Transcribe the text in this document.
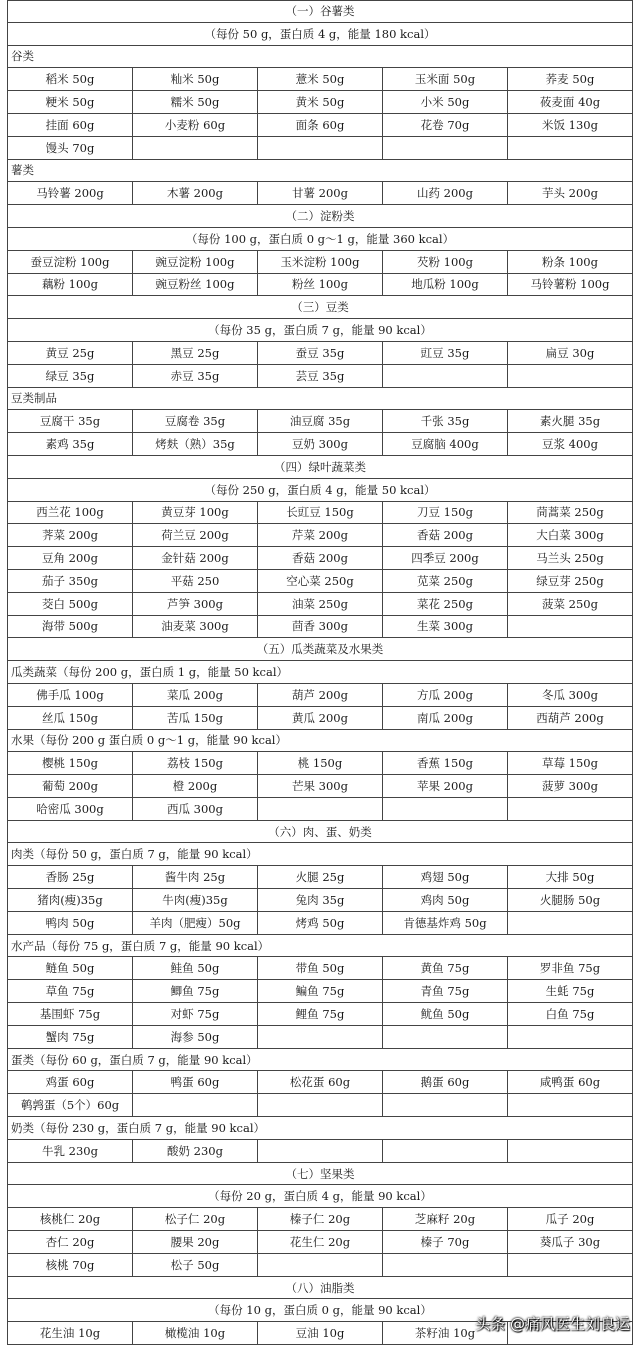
（一）谷薯类
（每份 50 g，蛋白质 4 g，能量 180 kcal）
谷类
稻米 50g	籼米 50g	薏米 50g	玉米面 50g	荞麦 50g
粳米 50g	糯米 50g	黄米 50g	小米 50g	莜麦面 40g
挂面 60g	小麦粉 60g	面条 60g	花卷 70g	米饭 130g
馒头 70g
薯类
马铃薯 200g	木薯 200g	甘薯 200g	山药 200g	芋头 200g
（二）淀粉类
（每份 100 g，蛋白质 0 g～1 g，能量 360 kcal）
蚕豆淀粉 100g	豌豆淀粉 100g	玉米淀粉 100g	芡粉 100g	粉条 100g
藕粉 100g	豌豆粉丝 100g	粉丝 100g	地瓜粉 100g	马铃薯粉 100g
（三）豆类
（每份 35 g，蛋白质 7 g，能量 90 kcal）
黄豆 25g	黑豆 25g	蚕豆 35g	豇豆 35g	扁豆 30g
绿豆 35g	赤豆 35g	芸豆 35g
豆类制品
豆腐干 35g	豆腐卷 35g	油豆腐 35g	千张 35g	素火腿 35g
素鸡 35g	烤麸（熟）35g	豆奶 300g	豆腐脑 400g	豆浆 400g
（四）绿叶蔬菜类
（每份 250 g，蛋白质 4 g，能量 50 kcal）
西兰花 100g	黄豆芽 100g	长豇豆 150g	刀豆 150g	茼蒿菜 250g
荠菜 200g	荷兰豆 200g	芹菜 200g	香菇 200g	大白菜 300g
豆角 200g	金针菇 200g	香菇 200g	四季豆 200g	马兰头 250g
茄子 350g	平菇 250	空心菜 250g	苋菜 250g	绿豆芽 250g
茭白 500g	芦笋 300g	油菜 250g	菜花 250g	菠菜 250g
海带 500g	油麦菜 300g	茴香 300g	生菜 300g
（五）瓜类蔬菜及水果类
瓜类蔬菜（每份 200 g，蛋白质 1 g，能量 50 kcal）
佛手瓜 100g	菜瓜 200g	葫芦 200g	方瓜 200g	冬瓜 300g
丝瓜 150g	苦瓜 150g	黄瓜 200g	南瓜 200g	西葫芦 200g
水果（每份 200 g 蛋白质 0 g～1 g，能量 90 kcal）
樱桃 150g	荔枝 150g	桃 150g	香蕉 150g	草莓 150g
葡萄 200g	橙 200g	芒果 300g	苹果 200g	菠萝 300g
哈密瓜 300g	西瓜 300g
（六）肉、蛋、奶类
肉类（每份 50 g，蛋白质 7 g，能量 90 kcal）
香肠 25g	酱牛肉 25g	火腿 25g	鸡翅 50g	大排 50g
猪肉(瘦)35g	牛肉(瘦)35g	兔肉 35g	鸡肉 50g	火腿肠 50g
鸭肉 50g	羊肉（肥瘦）50g	烤鸡 50g	肯德基炸鸡 50g
水产品（每份 75 g，蛋白质 7 g，能量 90 kcal）
鲢鱼 50g	鲑鱼 50g	带鱼 50g	黄鱼 75g	罗非鱼 75g
草鱼 75g	鲫鱼 75g	鳊鱼 75g	青鱼 75g	生蚝 75g
基围虾 75g	对虾 75g	鲤鱼 75g	鱿鱼 50g	白鱼 75g
蟹肉 75g	海参 50g
蛋类（每份 60 g，蛋白质 7 g，能量 90 kcal）
鸡蛋 60g	鸭蛋 60g	松花蛋 60g	鹅蛋 60g	咸鸭蛋 60g
鹌鹑蛋（5个）60g
奶类（每份 230 g，蛋白质 7 g，能量 90 kcal）
牛乳 230g	酸奶 230g
（七）坚果类
（每份 20 g，蛋白质 4 g，能量 90 kcal）
核桃仁 20g	松子仁 20g	榛子仁 20g	芝麻籽 20g	瓜子 20g
杏仁 20g	腰果 20g	花生仁 20g	榛子 70g	葵瓜子 30g
核桃 70g	松子 50g
（八）油脂类
（每份 10 g，蛋白质 0 g，能量 90 kcal）
花生油 10g	橄榄油 10g	豆油 10g	茶籽油 10g
头条 @痛风医生刘良运
